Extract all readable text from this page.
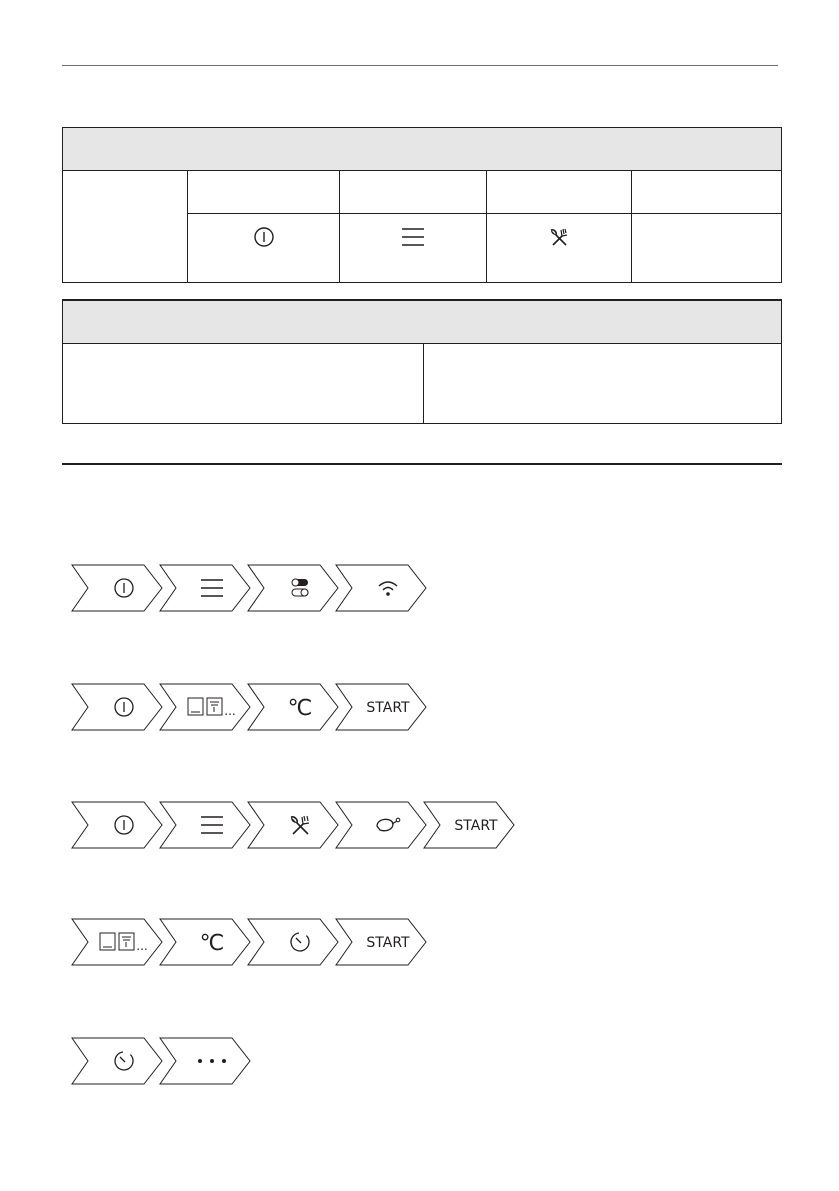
... ℃	START
START
... ℃	START
